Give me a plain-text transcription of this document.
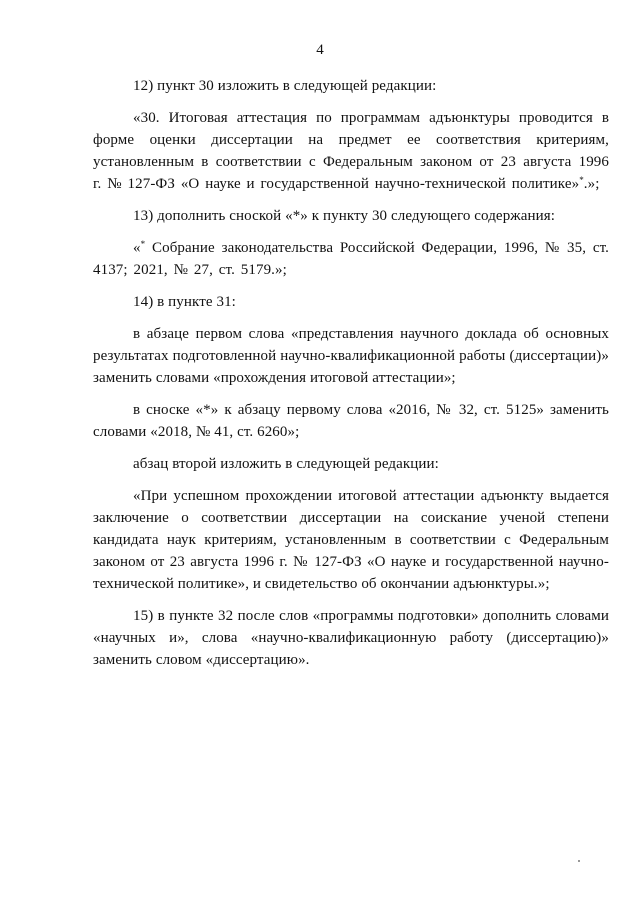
4

12) пункт 30 изложить в следующей редакции:

«30. Итоговая аттестация по программам адъюнктуры проводится в форме оценки диссертации на предмет ее соответствия критериям, установленным в соответствии с Федеральным законом от 23 августа 1996 г. № 127-ФЗ «О науке и государственной научно-технической политике»*.»;

13) дополнить сноской «*» к пункту 30 следующего содержания:

«* Собрание законодательства Российской Федерации, 1996, № 35, ст. 4137; 2021, № 27, ст. 5179.»;

14) в пункте 31:

в абзаце первом слова «представления научного доклада об основных результатах подготовленной научно-квалификационной работы (диссертации)» заменить словами «прохождения итоговой аттестации»;

в сноске «*» к абзацу первому слова «2016, № 32, ст. 5125» заменить словами «2018, № 41, ст. 6260»;

абзац второй изложить в следующей редакции:

«При успешном прохождении итоговой аттестации адъюнкту выдается заключение о соответствии диссертации на соискание ученой степени кандидата наук критериям, установленным в соответствии с Федеральным законом от 23 августа 1996 г. № 127-ФЗ «О науке и государственной научно-технической политике», и свидетельство об окончании адъюнктуры.»;

15) в пункте 32 после слов «программы подготовки» дополнить словами «научных и», слова «научно-квалификационную работу (диссертацию)» заменить словом «диссертацию».
